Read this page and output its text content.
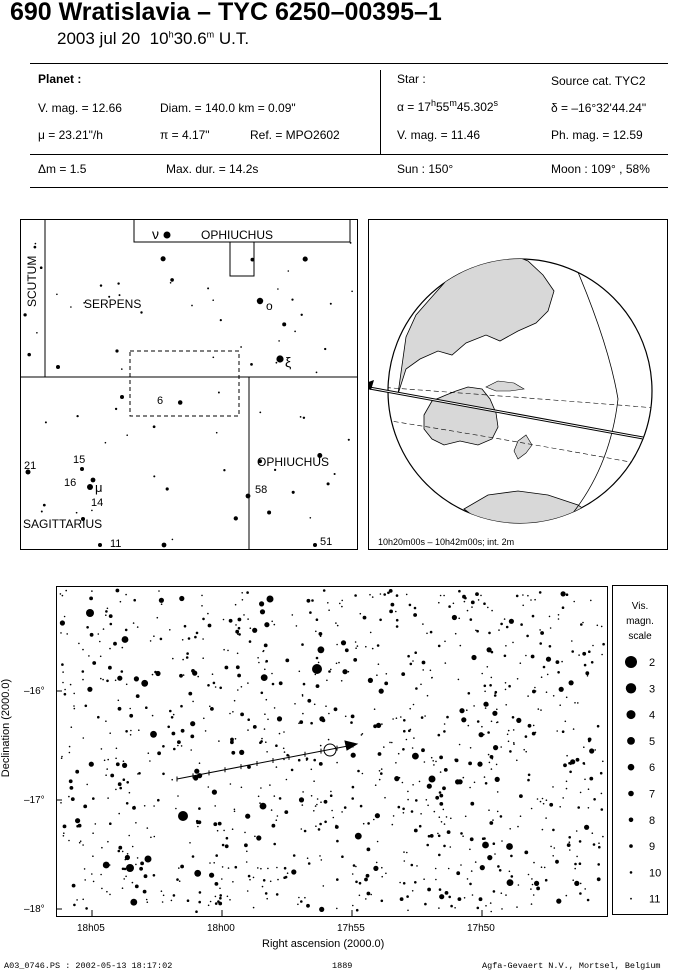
690 Wratislavia – TYC 6250–00395–1
2003 jul 20 10$^h$30.6$^m$ U.T.
Planet :
V. mag. = 12.66	Diam. = 140.0 km = 0.09"
μ = 23.21"/h	π = 4.17"	Ref. = MPO2602
Star :	Source cat. TYC2
$\alpha = 17^h55^m45.302^s$	δ = –16°32'44.24"
V. mag. = 11.46	Ph. mag. = 12.59
Δm = 1.5	Max. dur. = 14.2s	Sun : 150°	Moon : 109° , 58%
OPHIUCHUS
ν
SCUTUM	SERPENS	o
ξ
6
21	15
16 μ
14
OPHIUCHUS
58
SAGITTARIUS
11	51	10h20m00s – 10h42m00s; int. 2m
Declination (2000.0) –16°
–17°
–18°
18h05	18h00	17h55	17h50
Right ascension (2000.0)
Vis.
magn.
scale
2
3
4
5
6
7
8
9
10
11
A03_0746.PS : 2002-05-13 18:17:02	1889	Agfa-Gevaert N.V., Mortsel, Belgium
